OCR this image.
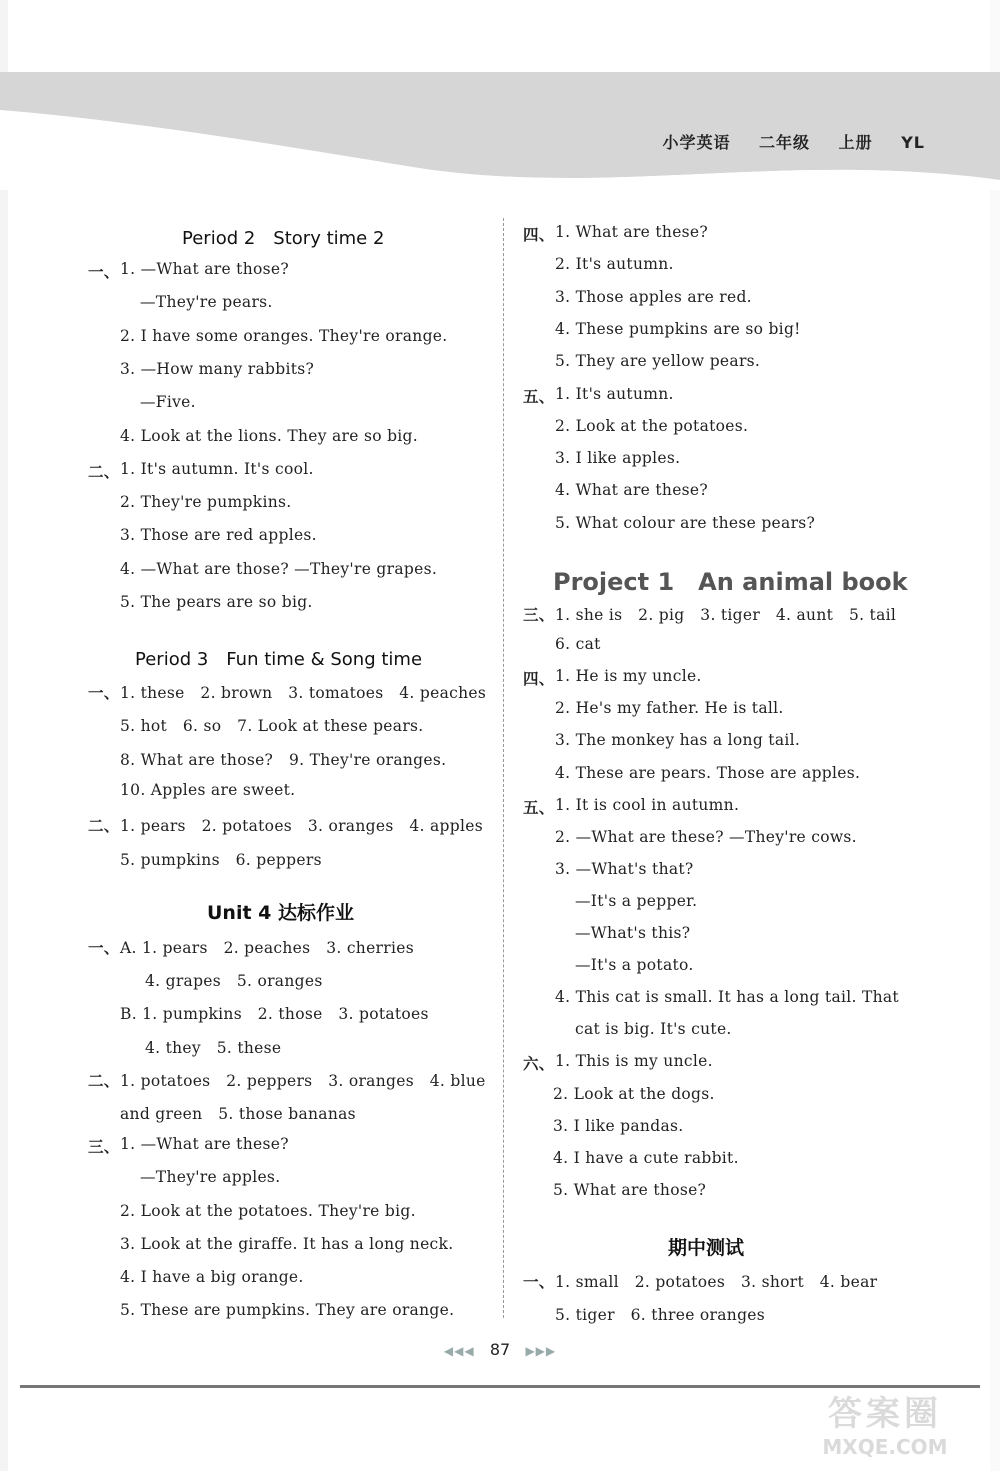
小学英语 二年级 上册 YL
Period 2　Story time 2
一、 1. —What are those?
—They're pears.
2. I have some oranges. They're orange.
3. —How many rabbits?
—Five.
4. Look at the lions. They are so big.
二、 1. It's autumn. It's cool.
2. They're pumpkins.
3. Those are red apples.
4. —What are those? —They're grapes.
5. The pears are so big.
Period 3　Fun time & Song time
一、 1. these　2. brown　3. tomatoes　4. peaches
5. hot　6. so　7. Look at these pears.
8. What are those?　9. They're oranges.
10. Apples are sweet.
二、 1. pears　2. potatoes　3. oranges　4. apples
5. pumpkins　6. peppers
Unit 4 达标作业
一、 A. 1. pears　2. peaches　3. cherries
4. grapes　5. oranges
B. 1. pumpkins　2. those　3. potatoes
4. they　5. these
二、 1. potatoes　2. peppers　3. oranges　4. blue
and green　5. those bananas
三、 1. —What are these?
—They're apples.
2. Look at the potatoes. They're big.
3. Look at the giraffe. It has a long neck.
4. I have a big orange.
5. These are pumpkins. They are orange.
四、 1. What are these?
2. It's autumn.
3. Those apples are red.
4. These pumpkins are so big!
5. They are yellow pears.
五、 1. It's autumn.
2. Look at the potatoes.
3. I like apples.
4. What are these?
5. What colour are these pears?
Project 1　An animal book
三、 1. she is　2. pig　3. tiger　4. aunt　5. tail
6. cat
四、 1. He is my uncle.
2. He's my father. He is tall.
3. The monkey has a long tail.
4. These are pears. Those are apples.
五、 1. It is cool in autumn.
2. —What are these? —They're cows.
3. —What's that?
—It's a pepper.
—What's this?
—It's a potato.
4. This cat is small. It has a long tail. That
cat is big. It's cute.
六、 1. This is my uncle.
2. Look at the dogs.
3. I like pandas.
4. I have a cute rabbit.
5. What are those?
期中测试
一、 1. small　2. potatoes　3. short　4. bear
5. tiger　6. three oranges
◀◀◀ 87 ▶▶▶
答案圈
MXQE.COM
